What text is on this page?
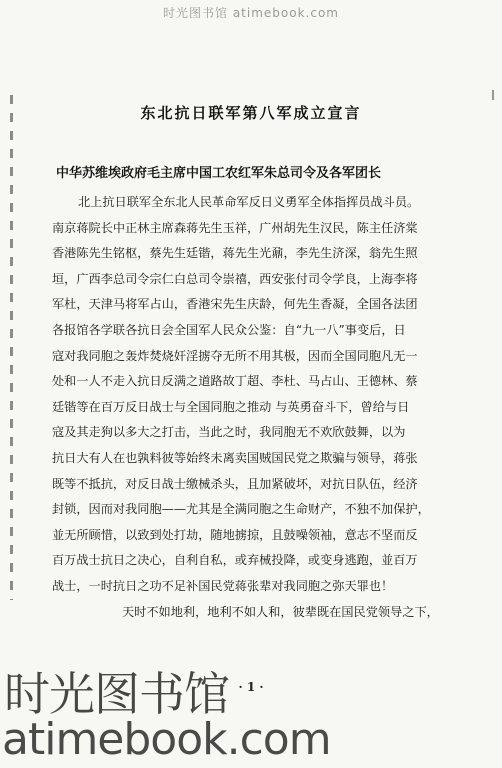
时光图书馆 atimebook.com
东北抗日联军第八军成立宣言
中华苏维埃政府毛主席中国工农红军朱总司令及各军团长
北上抗日联军全东北人民革命军反日义勇军全体指挥员战斗员。
南京蒋院长中正林主席森蒋先生玉祥，广州胡先生汉民，陈主任济棠
香港陈先生铭枢，蔡先生廷锴，蒋先生光鼐，李先生济深，翁先生照
垣，广西李总司令宗仁白总司令崇禧，西安张付司令学良，上海李将
军杜，天津马将军占山，香港宋先生庆龄，何先生香凝，全国各法团
各报馆各学联各抗日会全国军人民众公鉴：自“九一八”事变后，日
寇对我同胞之轰炸焚烧奸淫掳夺无所不用其极，因而全国同胞凡无一
处和一人不走入抗日反满之道路故丁超、李杜、马占山、王德林、蔡
廷锴等在百万反日战士与全国同胞之推动 与英勇奋斗下，曾给与日
寇及其走狗以多大之打击，当此之时，我同胞无不欢欣鼓舞，以为
抗日大有人在也孰料彼等始终未离卖国贼国民党之欺骗与领导，蒋张
既等不抵抗，对反日战士缴械杀头，且加紧破坏，对抗日队伍，经济
封锁，因而对我同胞——尤其是全满同胞之生命财产，不独不加保护，
並无所顾惜，以致到处打劫，随地掳掠，且鼓噪领袖，意志不坚而反
百万战士抗日之决心，自利自私，或弃械投降，或变身逃跑，並百万
战士，一时抗日之功不足补国民党蒋张辈对我同胞之弥天罪也！
天时不如地利，地利不如人和，彼辈既在国民党领导之下，
· 1 ·
时光图书馆
atimebook.com
